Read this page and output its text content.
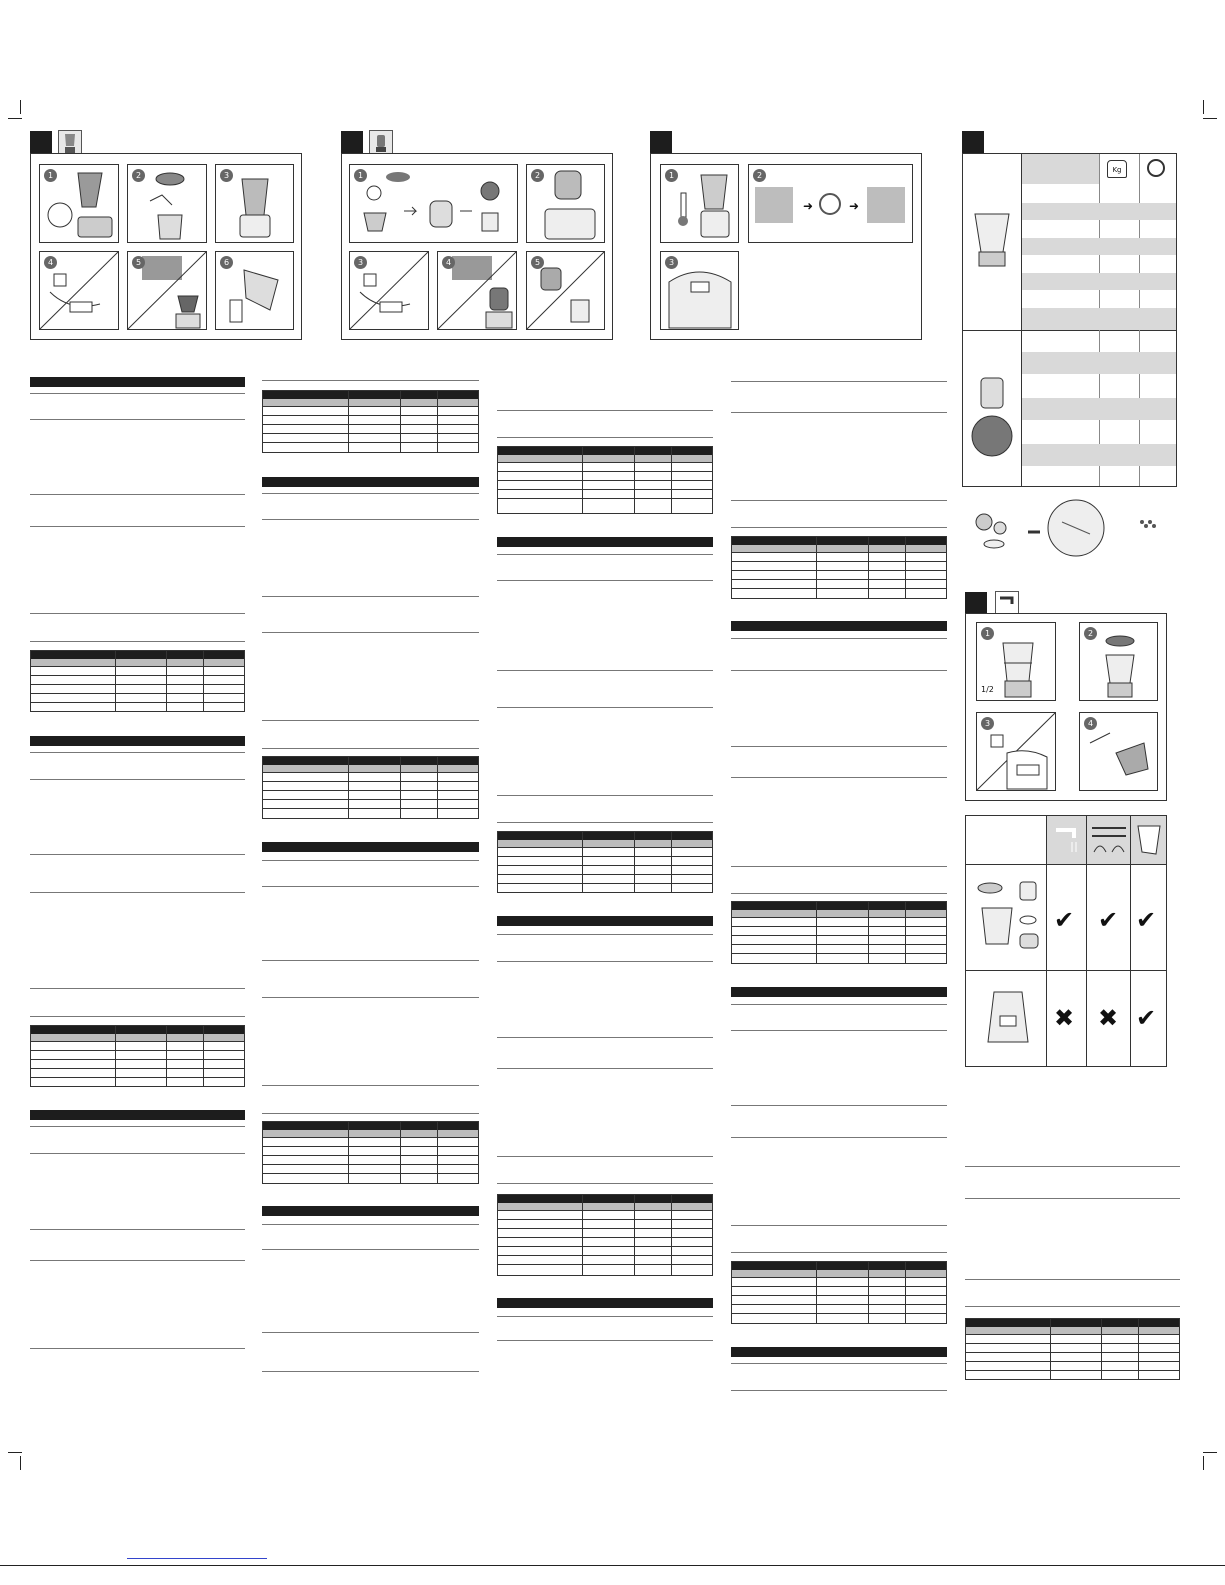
1	2	3
4	5	6
1	2
3	4	5
1	2
➜	➜
3
Kg
1
1/2
2
3	4
✔ ✔ ✔
✖ ✖ ✔
